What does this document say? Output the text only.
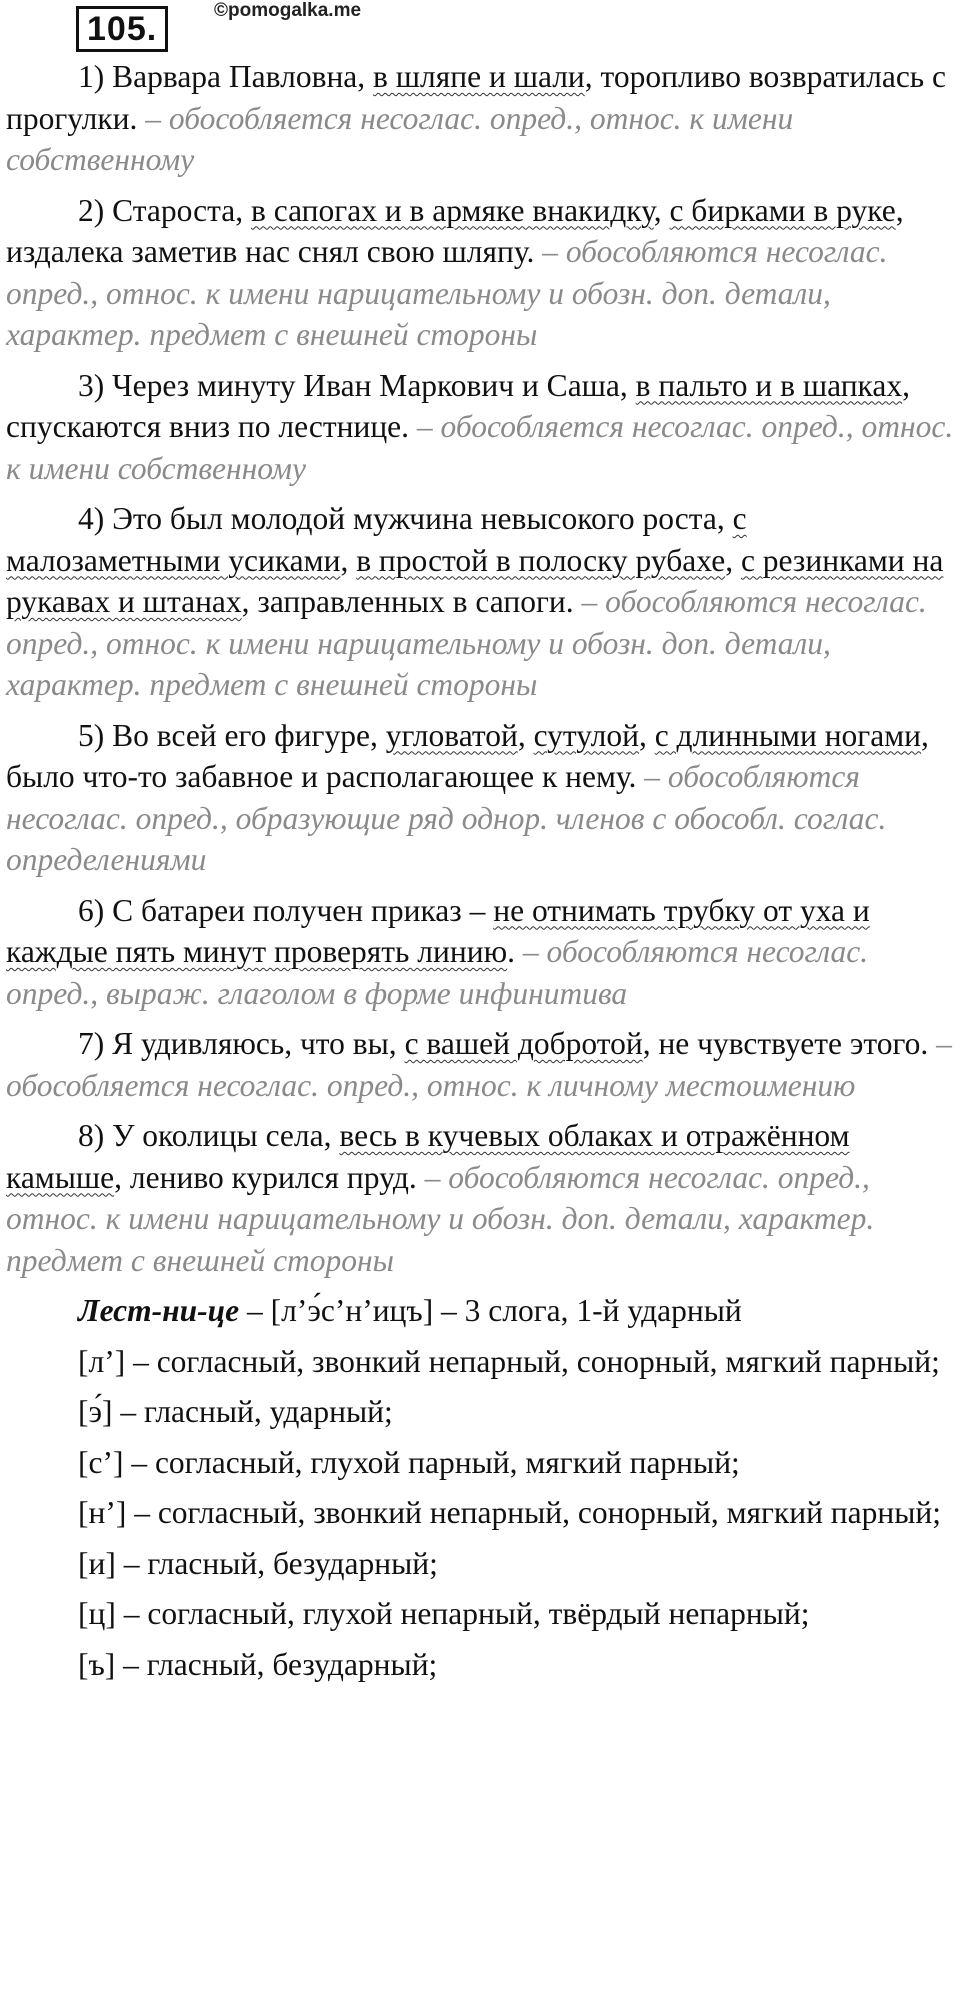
105.	©pomogalka.me

1) Варвара Павловна, в шляпе и шали, торопливо возвратилась с прогулки. – обособляется несоглас. опред., относ. к имени собственному

2) Староста, в сапогах и в армяке внакидку, с бирками в руке, издалека заметив нас снял свою шляпу. – обособляются несоглас. опред., относ. к имени нарицательному и обозн. доп. детали, характер. предмет с внешней стороны

3) Через минуту Иван Маркович и Саша, в пальто и в шапках, спускаются вниз по лестнице. – обособляется несоглас. опред., относ. к имени собственному

4) Это был молодой мужчина невысокого роста, с малозаметными усиками, в простой в полоску рубахе, с резинками на рукавах и штанах, заправленных в сапоги. – обособляются несоглас. опред., относ. к имени нарицательному и обозн. доп. детали, характер. предмет с внешней стороны

5) Во всей его фигуре, угловатой, сутулой, с длинными ногами, было что-то забавное и располагающее к нему. – обособляются несоглас. опред., образующие ряд однор. членов с обособл. соглас. определениями

6) С батареи получен приказ – не отнимать трубку от уха и каждые пять минут проверять линию. – обособляются несоглас. опред., выраж. глаголом в форме инфинитива

7) Я удивляюсь, что вы, с вашей добротой, не чувствуете этого. – обособляется несоглас. опред., относ. к личному местоимению

8) У околицы села, весь в кучевых облаках и отражённом камыше, лениво курился пруд. – обособляются несоглас. опред., относ. к имени нарицательному и обозн. доп. детали, характер. предмет с внешней стороны

Лест-ни-це – [л’э́с’н’ицъ] – 3 слога, 1-й ударный

[л’] – согласный, звонкий непарный, сонорный, мягкий парный;

[э́] – гласный, ударный;

[с’] – согласный, глухой парный, мягкий парный;

[н’] – согласный, звонкий непарный, сонорный, мягкий парный;

[и] – гласный, безударный;

[ц] – согласный, глухой непарный, твёрдый непарный;

[ъ] – гласный, безударный;
